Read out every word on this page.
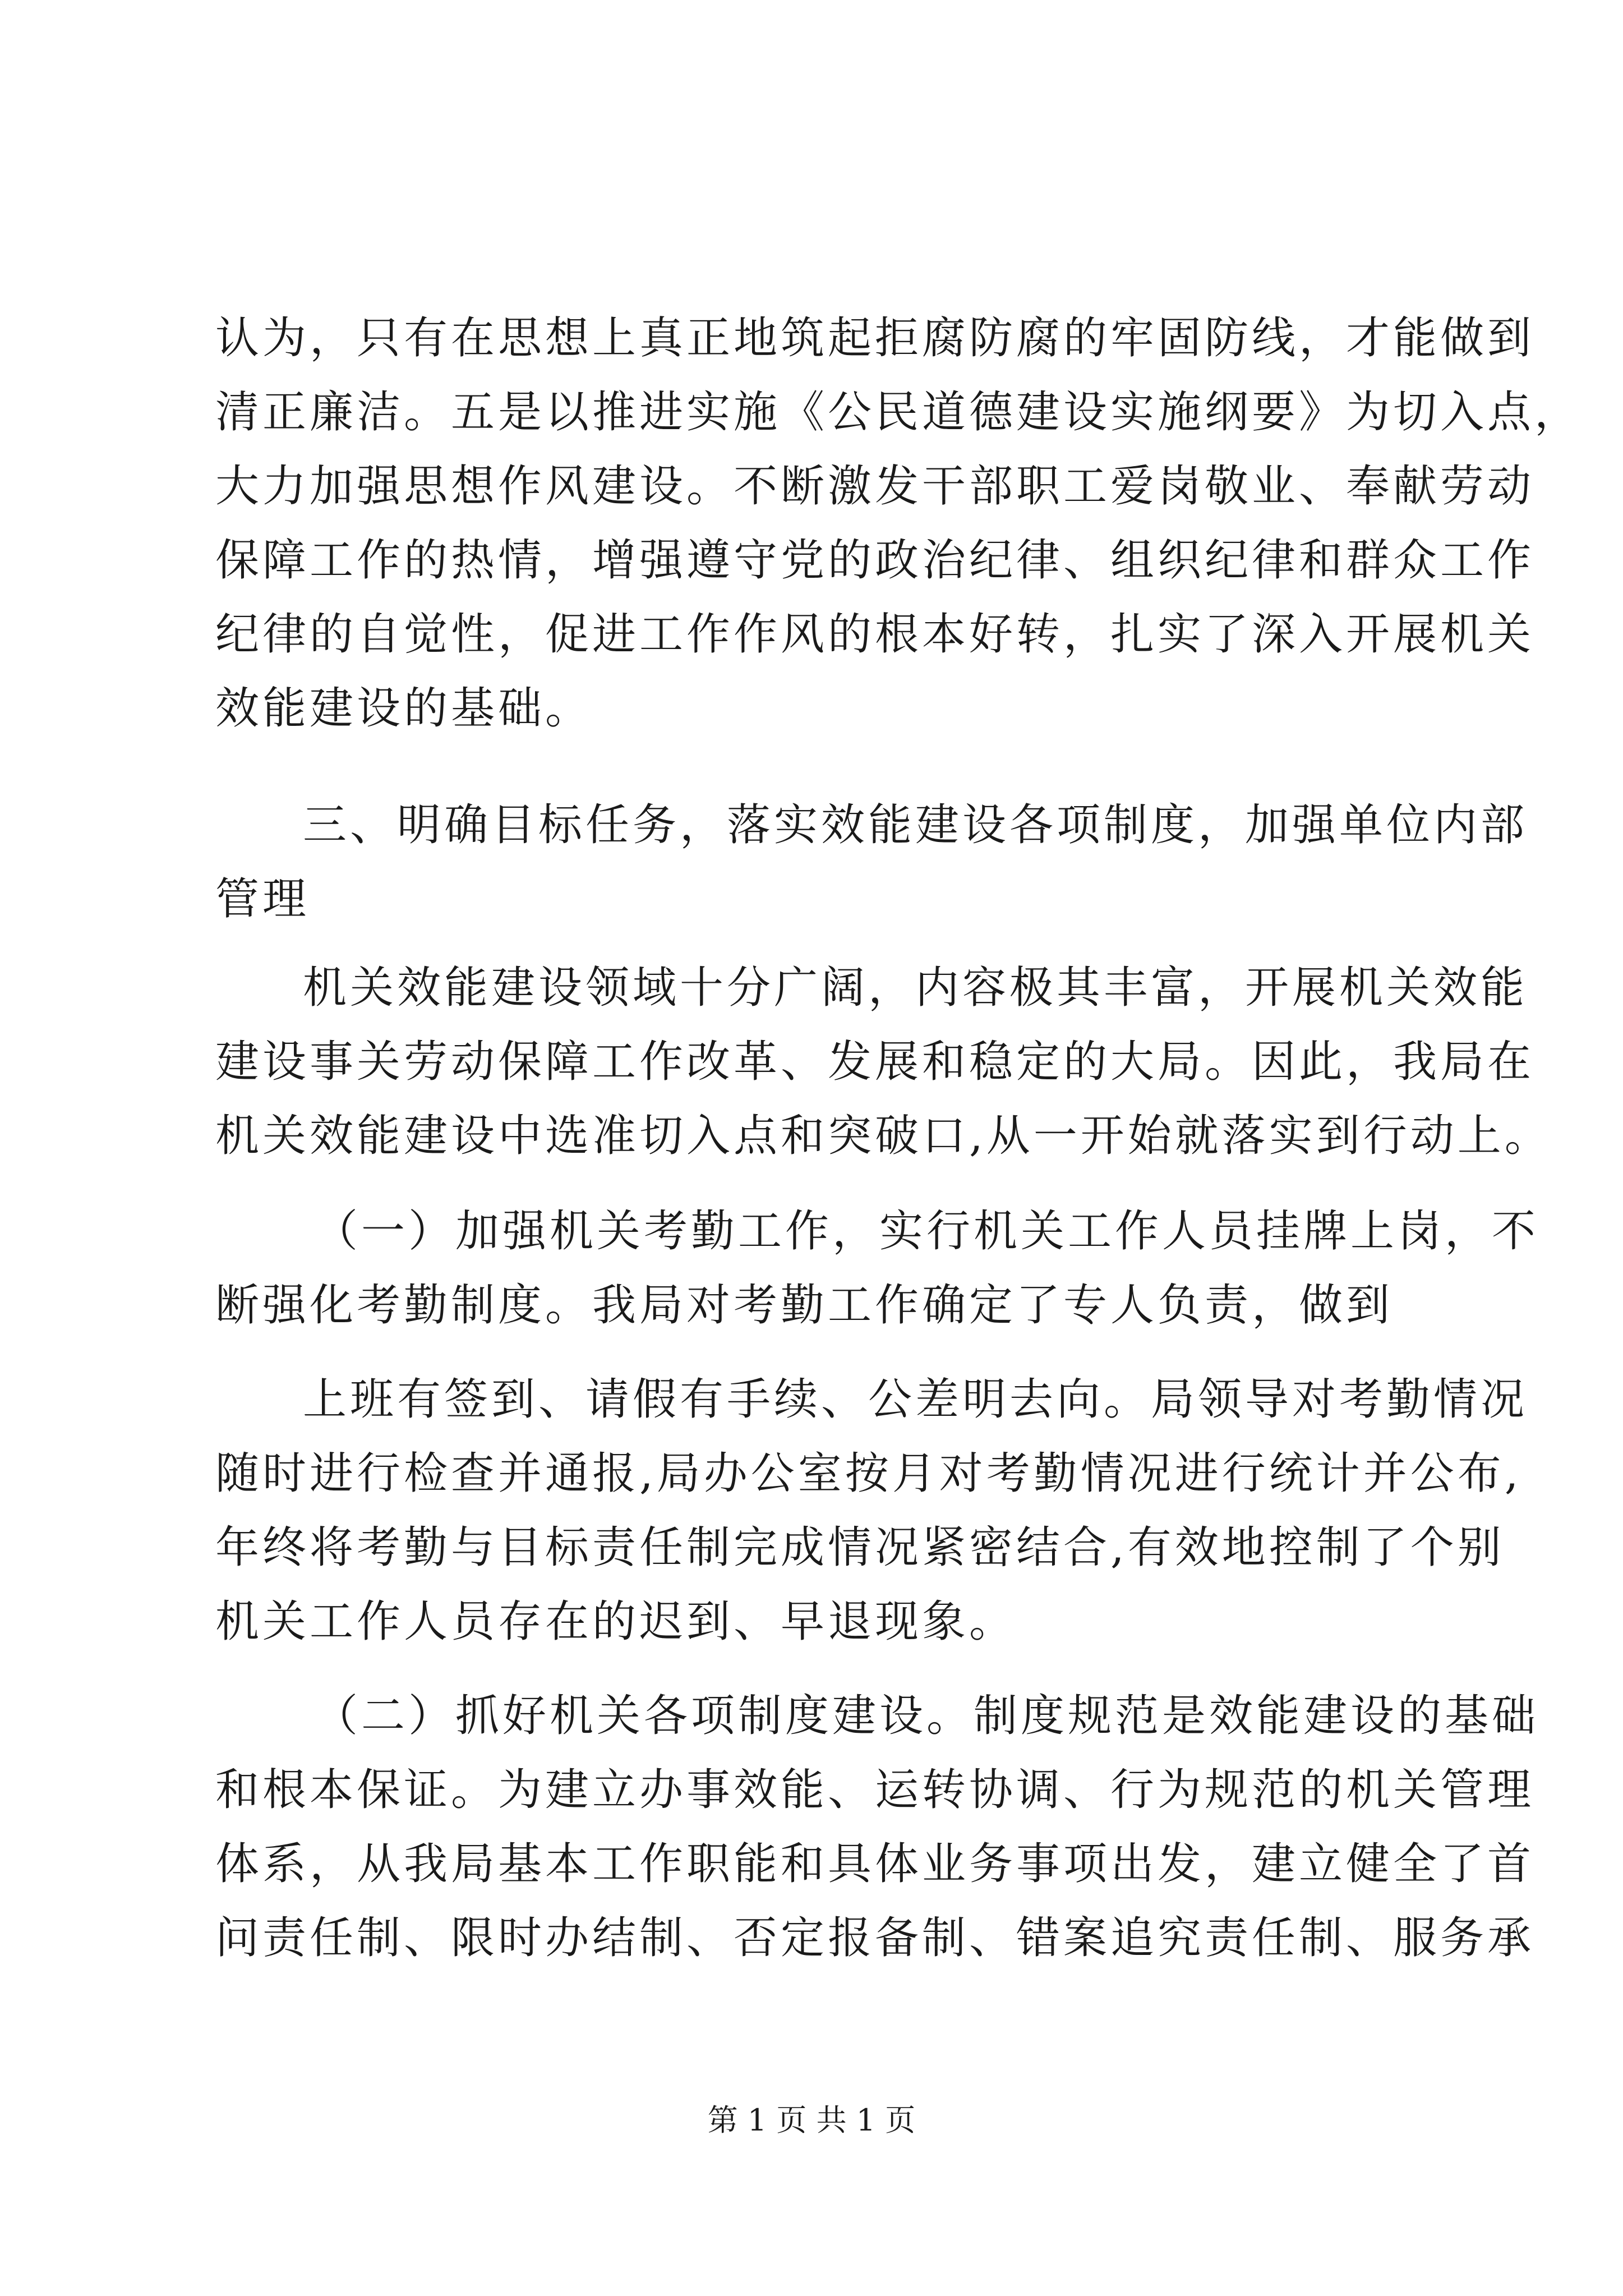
认为，只有在思想上真正地筑起拒腐防腐的牢固防线，才能做到

清正廉洁。五是以推进实施《公民道德建设实施纲要》为切入点，

大力加强思想作风建设。不断激发干部职工爱岗敬业、奉献劳动

保障工作的热情，增强遵守党的政治纪律、组织纪律和群众工作

纪律的自觉性，促进工作作风的根本好转，扎实了深入开展机关

效能建设的基础。

三、明确目标任务，落实效能建设各项制度，加强单位内部

管理

机关效能建设领域十分广阔，内容极其丰富，开展机关效能

建设事关劳动保障工作改革、发展和稳定的大局。因此，我局在

机关效能建设中选准切入点和突破口,从一开始就落实到行动上。

（一）加强机关考勤工作，实行机关工作人员挂牌上岗，不

断强化考勤制度。我局对考勤工作确定了专人负责，做到

上班有签到、请假有手续、公差明去向。局领导对考勤情况

随时进行检查并通报,局办公室按月对考勤情况进行统计并公布,

年终将考勤与目标责任制完成情况紧密结合,有效地控制了个别

机关工作人员存在的迟到、早退现象。

（二）抓好机关各项制度建设。制度规范是效能建设的基础

和根本保证。为建立办事效能、运转协调、行为规范的机关管理

体系，从我局基本工作职能和具体业务事项出发，建立健全了首

问责任制、限时办结制、否定报备制、错案追究责任制、服务承

第 1 页 共 1 页
